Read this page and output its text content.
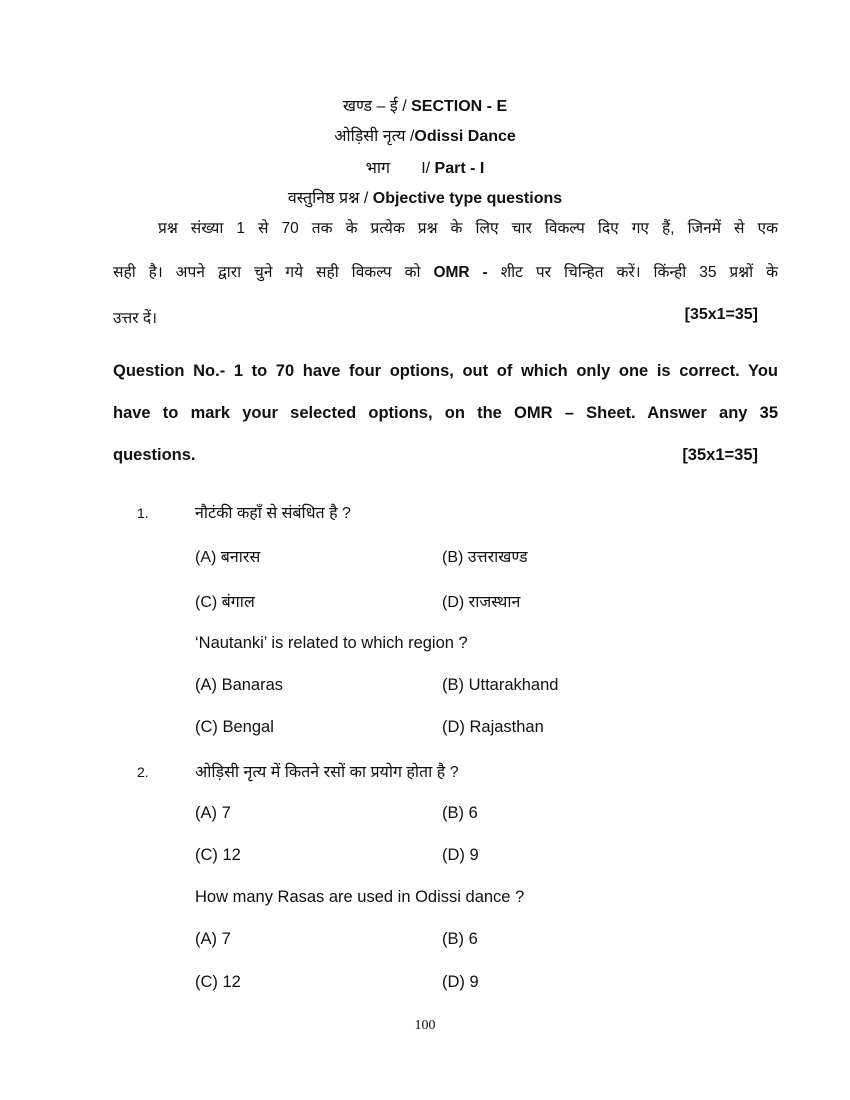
खण्ड – ई / SECTION - E
ओड़िसी नृत्य /Odissi Dance
भाग I/ Part - I
वस्तुनिष्ठ प्रश्न / Objective type questions
प्रश्न संख्या 1 से 70 तक के प्रत्येक प्रश्न के लिए चार विकल्प दिए गए हैं, जिनमें से एक
सही है। अपने द्वारा चुने गये सही विकल्प को OMR - शीट पर चिन्हित करें। किंन्ही 35 प्रश्नों के
उत्तर दें।	[35x1=35]
Question No.- 1 to 70 have four options, out of which only one is correct. You
have to mark your selected options, on the OMR – Sheet. Answer any 35
questions.	[35x1=35]
1.	नौटंकी कहाँ से संबंधित है ?
(A) बनारस	(B) उत्तराखण्ड
(C) बंगाल	(D) राजस्थान
‘Nautanki’ is related to which region ?
(A) Banaras	(B) Uttarakhand
(C) Bengal	(D) Rajasthan
2.	ओड़िसी नृत्य में कितने रसों का प्रयोग होता है ?
(A) 7	(B) 6
(C) 12	(D) 9
How many Rasas are used in Odissi dance ?
(A) 7	(B) 6
(C) 12	(D) 9
100
